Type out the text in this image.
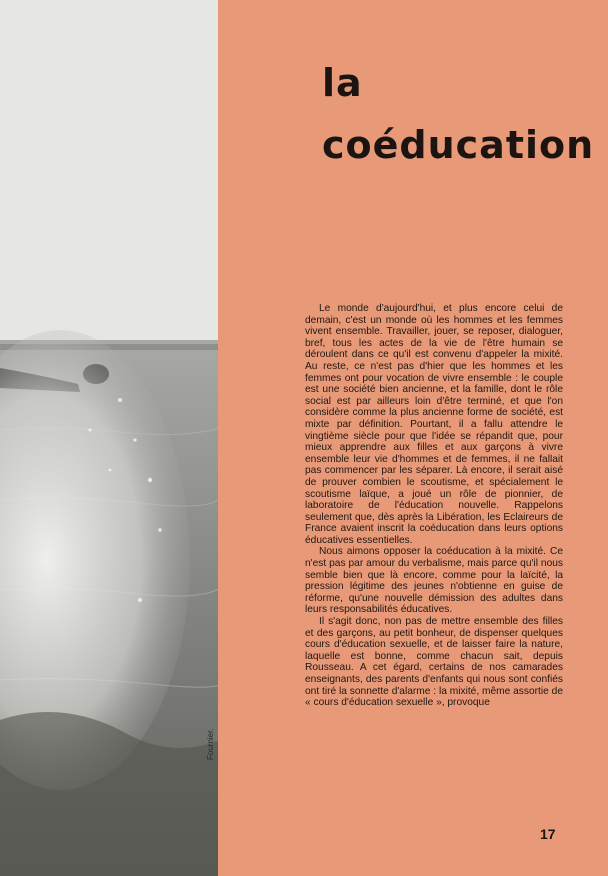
Fournier.
la
coéducation

Le monde d'aujourd'hui, et plus encore celui de demain, c'est un monde où les hommes et les femmes vivent ensemble. Travailler, jouer, se reposer, dialoguer, bref, tous les actes de la vie de l'être humain se déroulent dans ce qu'il est convenu d'appeler la mixité. Au reste, ce n'est pas d'hier que les hommes et les femmes ont pour vocation de vivre ensemble : le couple est une société bien ancienne, et la famille, dont le rôle social est par ailleurs loin d'être terminé, et que l'on considère comme la plus ancienne forme de société, est mixte par définition. Pourtant, il a fallu attendre le vingtième siècle pour que l'idée se répandit que, pour mieux apprendre aux filles et aux garçons à vivre ensemble leur vie d'hommes et de femmes, il ne fallait pas commencer par les séparer. Là encore, il serait aisé de prouver combien le scoutisme, et spécialement le scoutisme laïque, a joué un rôle de pionnier, de laboratoire de l'éducation nouvelle. Rappelons seulement que, dès après la Libération, les Eclaireurs de France avaient inscrit la coéducation dans leurs options éducatives essentielles.

Nous aimons opposer la coéducation à la mixité. Ce n'est pas par amour du verbalisme, mais parce qu'il nous semble bien que là encore, comme pour la laïcité, la pression légitime des jeunes n'obtienne en guise de réforme, qu'une nouvelle démission des adultes dans leurs responsabilités éducatives.

Il s'agit donc, non pas de mettre ensemble des filles et des garçons, au petit bonheur, de dispenser quelques cours d'éducation sexuelle, et de laisser faire la nature, laquelle est bonne, comme chacun sait, depuis Rousseau. A cet égard, certains de nos camarades enseignants, des parents d'enfants qui nous sont confiés ont tiré la sonnette d'alarme : la mixité, même assortie de « cours d'éducation sexuelle », provoque

17
